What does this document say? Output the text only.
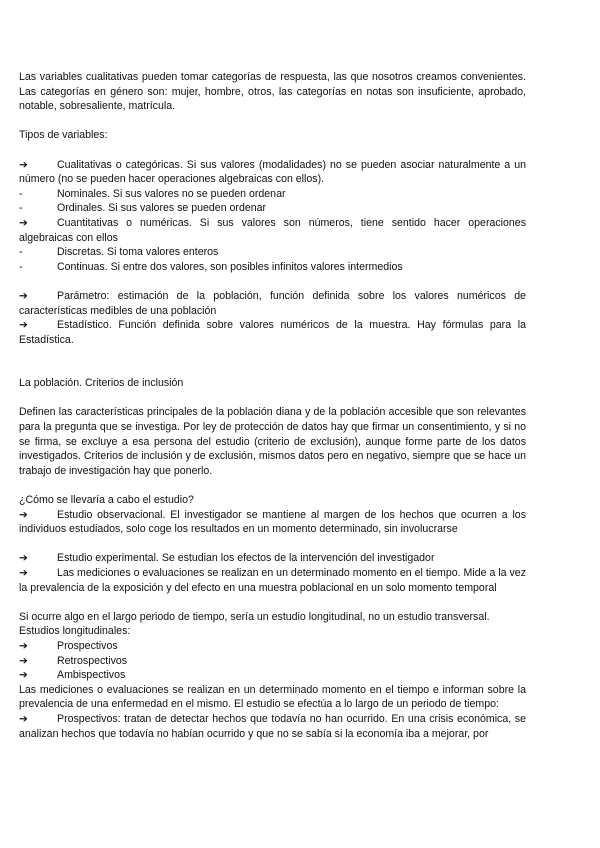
Las variables cualitativas pueden tomar categorías de respuesta, las que nosotros creamos convenientes. Las categorías en género son: mujer, hombre, otros, las categorías en notas son insuficiente, aprobado, notable, sobresaliente, matrícula.

Tipos de variables:

➔	Cualitativas o categóricas. Si sus valores (modalidades) no se pueden asociar naturalmente a un número (no se pueden hacer operaciones algebraicas con ellos).

-	Nominales. Si sus valores no se pueden ordenar
-	Ordinales. Si sus valores se pueden ordenar

➔	Cuantitativas o numéricas. Si sus valores son números, tiene sentido hacer operaciones algebraicas con ellos

-	Discretas. Si toma valores enteros
-	Continuas. Si entre dos valores, son posibles infinitos valores intermedios

➔	Parámetro: estimación de la población, función definida sobre los valores numéricos de características medibles de una población

➔	Estadístico. Función definida sobre valores numéricos de la muestra. Hay fórmulas para la Estadística.

La población. Criterios de inclusión

Definen las características principales de la población diana y de la población accesible que son relevantes para la pregunta que se investiga. Por ley de protección de datos hay que firmar un consentimiento, y si no se firma, se excluye a esa persona del estudio (criterio de exclusión), aunque forme parte de los datos investigados. Criterios de inclusión y de exclusión, mismos datos pero en negativo, siempre que se hace un trabajo de investigación hay que ponerlo.

¿Cómo se llevaría a cabo el estudio?

➔	Estudio observacional. El investigador se mantiene al margen de los hechos que ocurren a los individuos estudiados, solo coge los resultados en un momento determinado, sin involucrarse

➔	Estudio experimental. Se estudian los efectos de la intervención del investigador

➔	Las mediciones o evaluaciones se realizan en un determinado momento en el tiempo. Mide a la vez la prevalencia de la exposición y del efecto en una muestra poblacional en un solo momento temporal

Si ocurre algo en el largo periodo de tiempo, sería un estudio longitudinal, no un estudio transversal.

Estudios longitudinales:

➔	Prospectivos
➔	Retrospectivos
➔	Ambispectivos

Las mediciones o evaluaciones se realizan en un determinado momento en el tiempo e informan sobre la prevalencia de una enfermedad en el mismo. El estudio se efectúa a lo largo de un periodo de tiempo:

➔	Prospectivos: tratan de detectar hechos que todavía no han ocurrido. En una crisis económica, se analizan hechos que todavía no habían ocurrido y que no se sabía si la economía iba a mejorar, por
